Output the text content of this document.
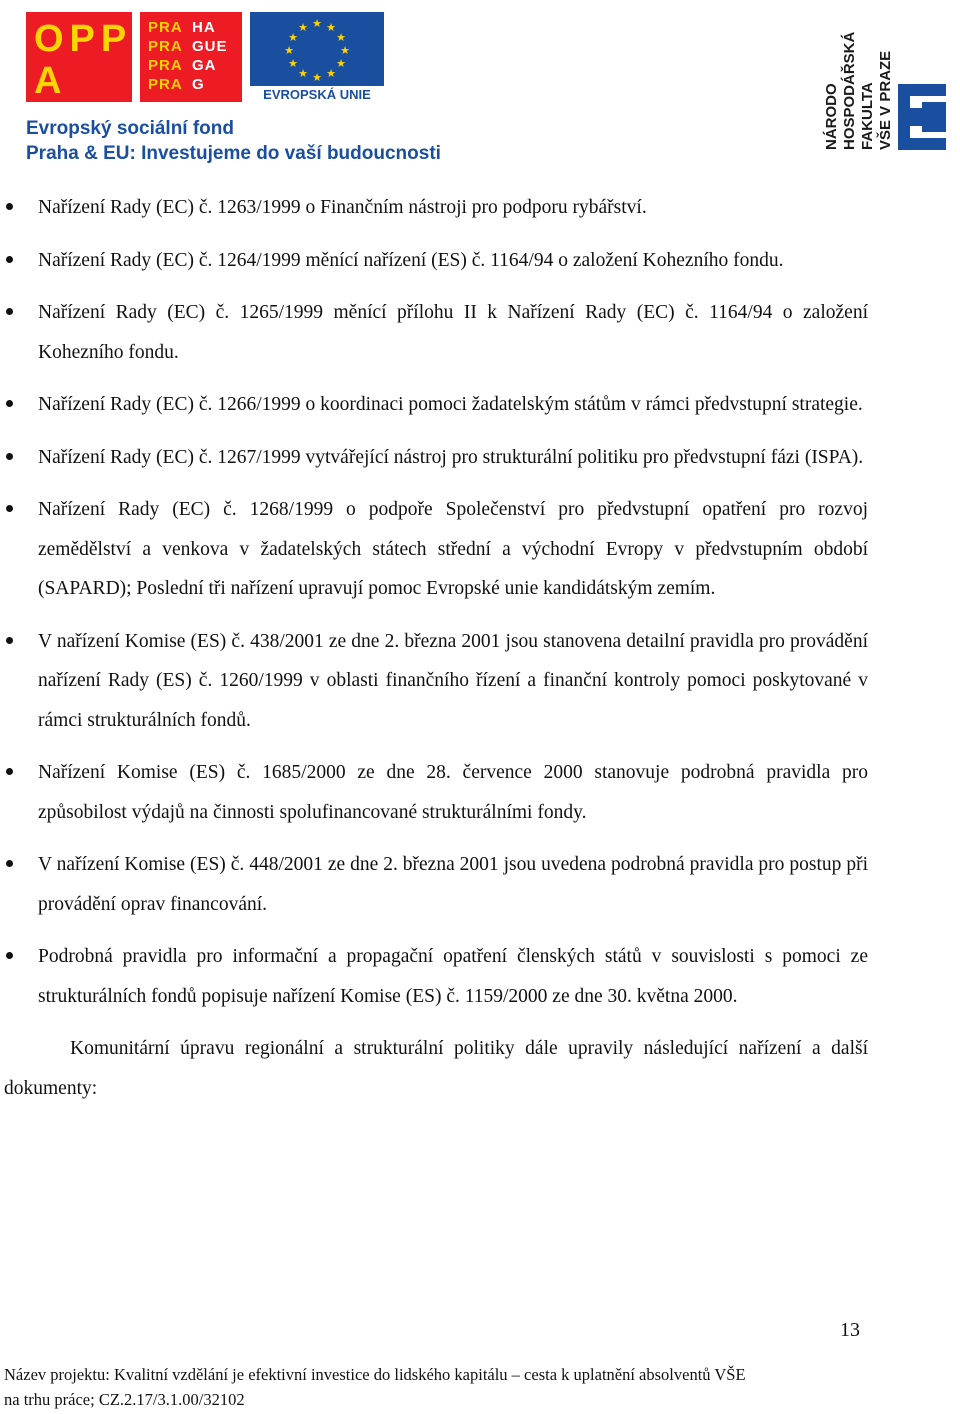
OPP
A
PRA HA
PRA GUE
PRA GA
PRA G
★ ★
★
★
★
★
★
★
★
★
★
★
EVROPSKÁ UNIE
Evropský sociální fond
Praha & EU: Investujeme do vaší budoucnosti
NÁRODO HOSPODÁŘSKÁ FAKULTA VŠE V PRAZE
Nařízení Rady (EC) č. 1263/1999 o Finančním nástroji pro podporu rybářství.
Nařízení Rady (EC) č. 1264/1999 měnící nařízení (ES) č. 1164/94 o založení Kohezního fondu.
Nařízení Rady (EC) č. 1265/1999 měnící přílohu II k Nařízení Rady (EC) č. 1164/94 o založení Kohezního fondu.
Nařízení Rady (EC) č. 1266/1999 o koordinaci pomoci žadatelským státům v rámci předvstupní strategie.
Nařízení Rady (EC) č. 1267/1999 vytvářející nástroj pro strukturální politiku pro předvstupní fázi (ISPA).
Nařízení Rady (EC) č. 1268/1999 o podpoře Společenství pro předvstupní opatření pro rozvoj zemědělství a venkova v žadatelských státech střední a východní Evropy v předvstupním období (SAPARD); Poslední tři nařízení upravují pomoc Evropské unie kandidátským zemím.
V nařízení Komise (ES) č. 438/2001 ze dne 2. března 2001 jsou stanovena detailní pravidla pro provádění nařízení Rady (ES) č. 1260/1999 v oblasti finančního řízení a finanční kontroly pomoci poskytované v rámci strukturálních fondů.
Nařízení Komise (ES) č. 1685/2000 ze dne 28. července 2000 stanovuje podrobná pravidla pro způsobilost výdajů na činnosti spolufinancované strukturálními fondy.
V nařízení Komise (ES) č. 448/2001 ze dne 2. března 2001 jsou uvedena podrobná pravidla pro postup při provádění oprav financování.
Podrobná pravidla pro informační a propagační opatření členských států v souvislosti s pomoci ze strukturálních fondů popisuje nařízení Komise (ES) č. 1159/2000 ze dne 30. května 2000.

Komunitární úpravu regionální a strukturální politiky dále upravily následující nařízení a další dokumenty:

13
Název projektu: Kvalitní vzdělání je efektivní investice do lidského kapitálu – cesta k uplatnění absolventů VŠE
na trhu práce; CZ.2.17/3.1.00/32102
